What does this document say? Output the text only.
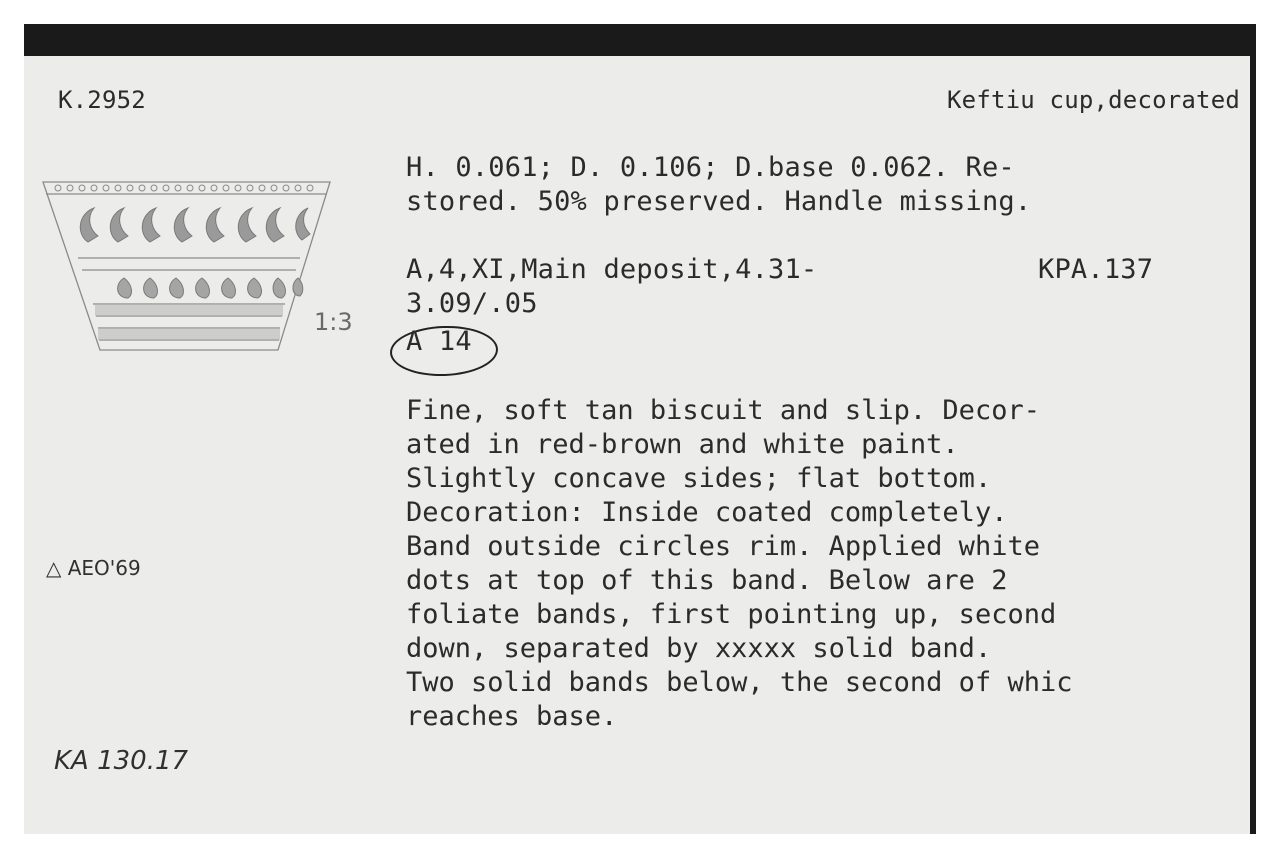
K.2952	Keftiu cup,decorated
1:3
H. 0.061; D. 0.106; D.base 0.062. Re-
stored. 50% preserved. Handle missing.
A,4,XI,Main deposit,4.31-	KPA.137
3.09/.05
A 14
Fine, soft tan biscuit and slip. Decor-
ated in red-brown and white paint.
Slightly concave sides; flat bottom.
Decoration: Inside coated completely.
Band outside circles rim. Applied white
dots at top of this band. Below are 2
foliate bands, first pointing up, second
down, separated by xxxxx solid band.
Two solid bands below, the second of whic
reaches base.
△ AEO'69
KA 130.17
